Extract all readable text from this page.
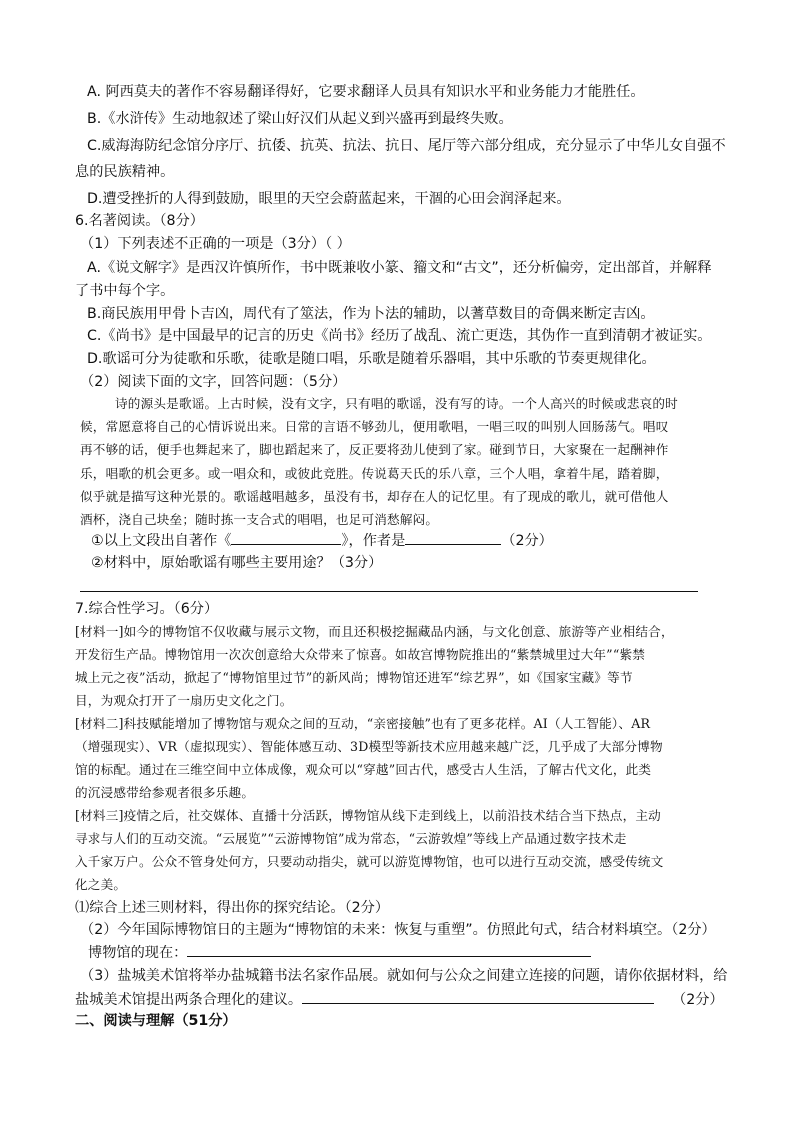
A. 阿西莫夫的著作不容易翻译得好，它要求翻译人员具有知识水平和业务能力才能胜任。
B.《水浒传》生动地叙述了梁山好汉们从起义到兴盛再到最终失败。
C.威海海防纪念馆分序厅、抗倭、抗英、抗法、抗日、尾厅等六部分组成，充分显示了中华儿女自强不
息的民族精神。
D.遭受挫折的人得到鼓励，眼里的天空会蔚蓝起来，干涸的心田会润泽起来。
6.名著阅读。（8分）
（1）下列表述不正确的一项是（3分）（ ）
A.《说文解字》是西汉许慎所作，书中既兼收小篆、籀文和“古文”，还分析偏旁，定出部首，并解释
了书中每个字。
B.商民族用甲骨卜吉凶，周代有了筮法，作为卜法的辅助，以蓍草数目的奇偶来断定吉凶。
C.《尚书》是中国最早的记言的历史《尚书》经历了战乱、流亡更迭，其伪作一直到清朝才被证实。
D.歌谣可分为徒歌和乐歌，徒歌是随口唱，乐歌是随着乐器唱，其中乐歌的节奏更规律化。
（2）阅读下面的文字，回答问题：（5分）
诗的源头是歌谣。上古时候，没有文字，只有唱的歌谣，没有写的诗。一个人高兴的时候或悲哀的时
候，常愿意将自己的心情诉说出来。日常的言语不够劲儿，便用歌唱，一唱三叹的叫别人回肠荡气。唱叹
再不够的话，便手也舞起来了，脚也蹈起来了，反正要将劲儿使到了家。碰到节日，大家聚在一起酬神作
乐，唱歌的机会更多。或一唱众和，或彼此竞胜。传说葛天氏的乐八章，三个人唱，拿着牛尾，踏着脚，
似乎就是描写这种光景的。歌谣越唱越多，虽没有书，却存在人的记忆里。有了现成的歌儿，就可借他人
酒杯，浇自己块垒；随时拣一支合式的唱唱，也足可消愁解闷。
①以上文段出自著作《	》，作者是	（2分）
②材料中，原始歌谣有哪些主要用途？（3分）
7.综合性学习。（6分）
[材料一]如今的博物馆不仅收藏与展示文物，而且还积极挖掘藏品内涵，与文化创意、旅游等产业相结合，
开发衍生产品。博物馆用一次次创意给大众带来了惊喜。如故宫博物院推出的“紫禁城里过大年”“紫禁
城上元之夜”活动，掀起了“博物馆里过节”的新风尚；博物馆还进军“综艺界”，如《国家宝藏》等节
目，为观众打开了一扇历史文化之门。
[材料二]科技赋能增加了博物馆与观众之间的互动，“亲密接触”也有了更多花样。AI（人工智能）、AR
（增强现实）、VR（虚拟现实）、智能体感互动、3D模型等新技术应用越来越广泛，几乎成了大部分博物
馆的标配。通过在三维空间中立体成像，观众可以“穿越”回古代，感受古人生活，了解古代文化，此类
的沉浸感带给参观者很多乐趣。
[材料三]疫情之后，社交媒体、直播十分活跃，博物馆从线下走到线上，以前沿技术结合当下热点，主动
寻求与人们的互动交流。“云展览”“云游博物馆”成为常态，“云游敦煌”等线上产品通过数字技术走
入千家万户。公众不管身处何方，只要动动指尖，就可以游览博物馆，也可以进行互动交流，感受传统文
化之美。
⑴综合上述三则材料，得出你的探究结论。（2分）
（2）今年国际博物馆日的主题为“博物馆的未来：恢复与重塑”。仿照此句式，结合材料填空。（2分）
博物馆的现在：
（3）盐城美术馆将举办盐城籍书法名家作品展。就如何与公众之间建立连接的问题，请你依据材料，给
盐城美术馆提出两条合理化的建议。	（2分）
二、阅读与理解（51分）
